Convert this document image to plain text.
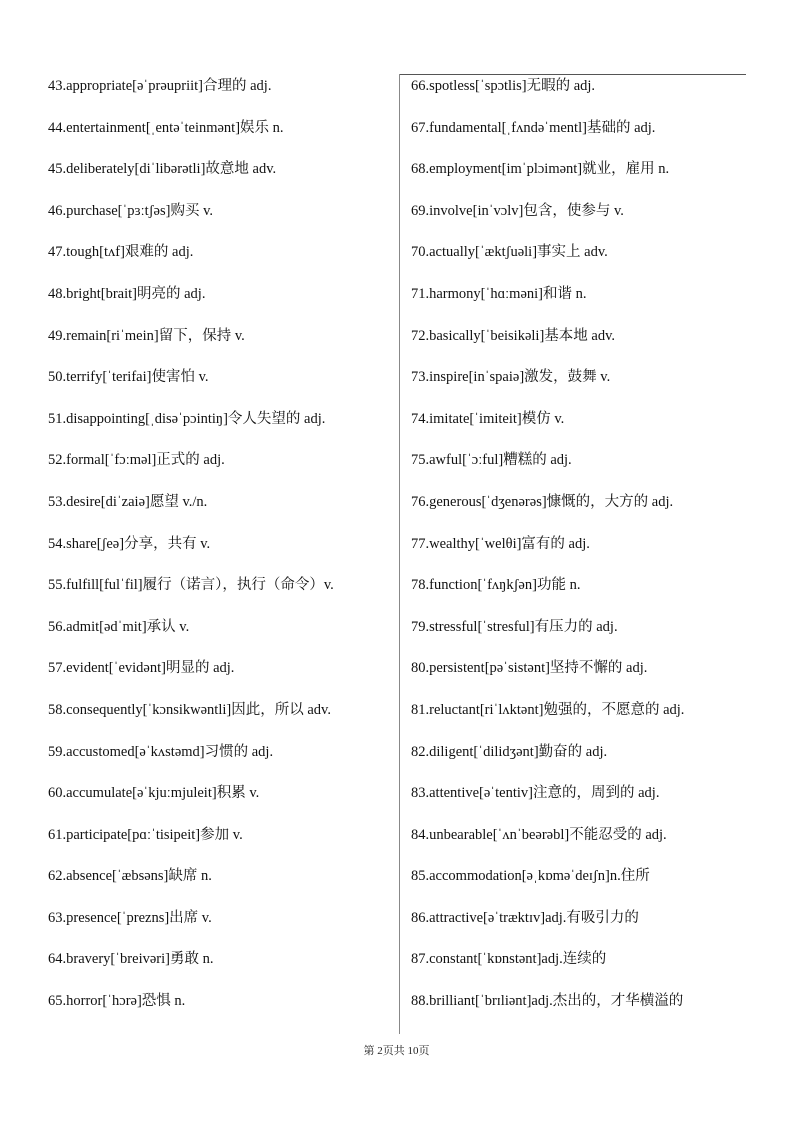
43.appropriate[əˈprəupriit]合理的 adj.
44.entertainment[ˌentəˈteinmənt]娱乐 n.
45.deliberately[diˈlibərətli]故意地 adv.
46.purchase[ˈpɜːtʃəs]购买 v.
47.tough[tʌf]艰难的 adj.
48.bright[brait]明亮的 adj.
49.remain[riˈmein]留下，保持 v.
50.terrify[ˈterifai]使害怕 v.
51.disappointing[ˌdisəˈpɔintiŋ]令人失望的 adj.
52.formal[ˈfɔːməl]正式的 adj.
53.desire[diˈzaiə]愿望 v./n.
54.share[ʃeə]分享，共有 v.
55.fulfill[fulˈfil]履行（诺言），执行（命令）v.
56.admit[ədˈmit]承认 v.
57.evident[ˈevidənt]明显的 adj.
58.consequently[ˈkɔnsikwəntli]因此，所以 adv.
59.accustomed[əˈkʌstəmd]习惯的 adj.
60.accumulate[əˈkjuːmjuleit]积累 v.
61.participate[pɑːˈtisipeit]参加 v.
62.absence[ˈæbsəns]缺席 n.
63.presence[ˈprezns]出席 v.
64.bravery[ˈbreivəri]勇敢 n.
65.horror[ˈhɔrə]恐惧 n.
66.spotless[ˈspɔtlis]无暇的 adj.
67.fundamental[ˌfʌndəˈmentl]基础的 adj.
68.employment[imˈplɔimənt]就业，雇用 n.
69.involve[inˈvɔlv]包含，使参与 v.
70.actually[ˈæktʃuəli]事实上 adv.
71.harmony[ˈhɑːməni]和谐 n.
72.basically[ˈbeisikəli]基本地 adv.
73.inspire[inˈspaiə]激发，鼓舞 v.
74.imitate[ˈimiteit]模仿 v.
75.awful[ˈɔːful]糟糕的 adj.
76.generous[ˈdʒenərəs]慷慨的，大方的 adj.
77.wealthy[ˈwelθi]富有的 adj.
78.function[ˈfʌŋkʃən]功能 n.
79.stressful[ˈstresful]有压力的 adj.
80.persistent[pəˈsistənt]坚持不懈的 adj.
81.reluctant[riˈlʌktənt]勉强的，不愿意的 adj.
82.diligent[ˈdilidʒənt]勤奋的 adj.
83.attentive[əˈtentiv]注意的，周到的 adj.
84.unbearable[ˈʌnˈbeərəbl]不能忍受的 adj.
85.accommodation[əˌkɒməˈdeɪʃn]n.住所
86.attractive[əˈtræktɪv]adj.有吸引力的
87.constant[ˈkɒnstənt]adj.连续的
88.brilliant[ˈbrɪliənt]adj.杰出的，才华横溢的
第 2页共 10页
